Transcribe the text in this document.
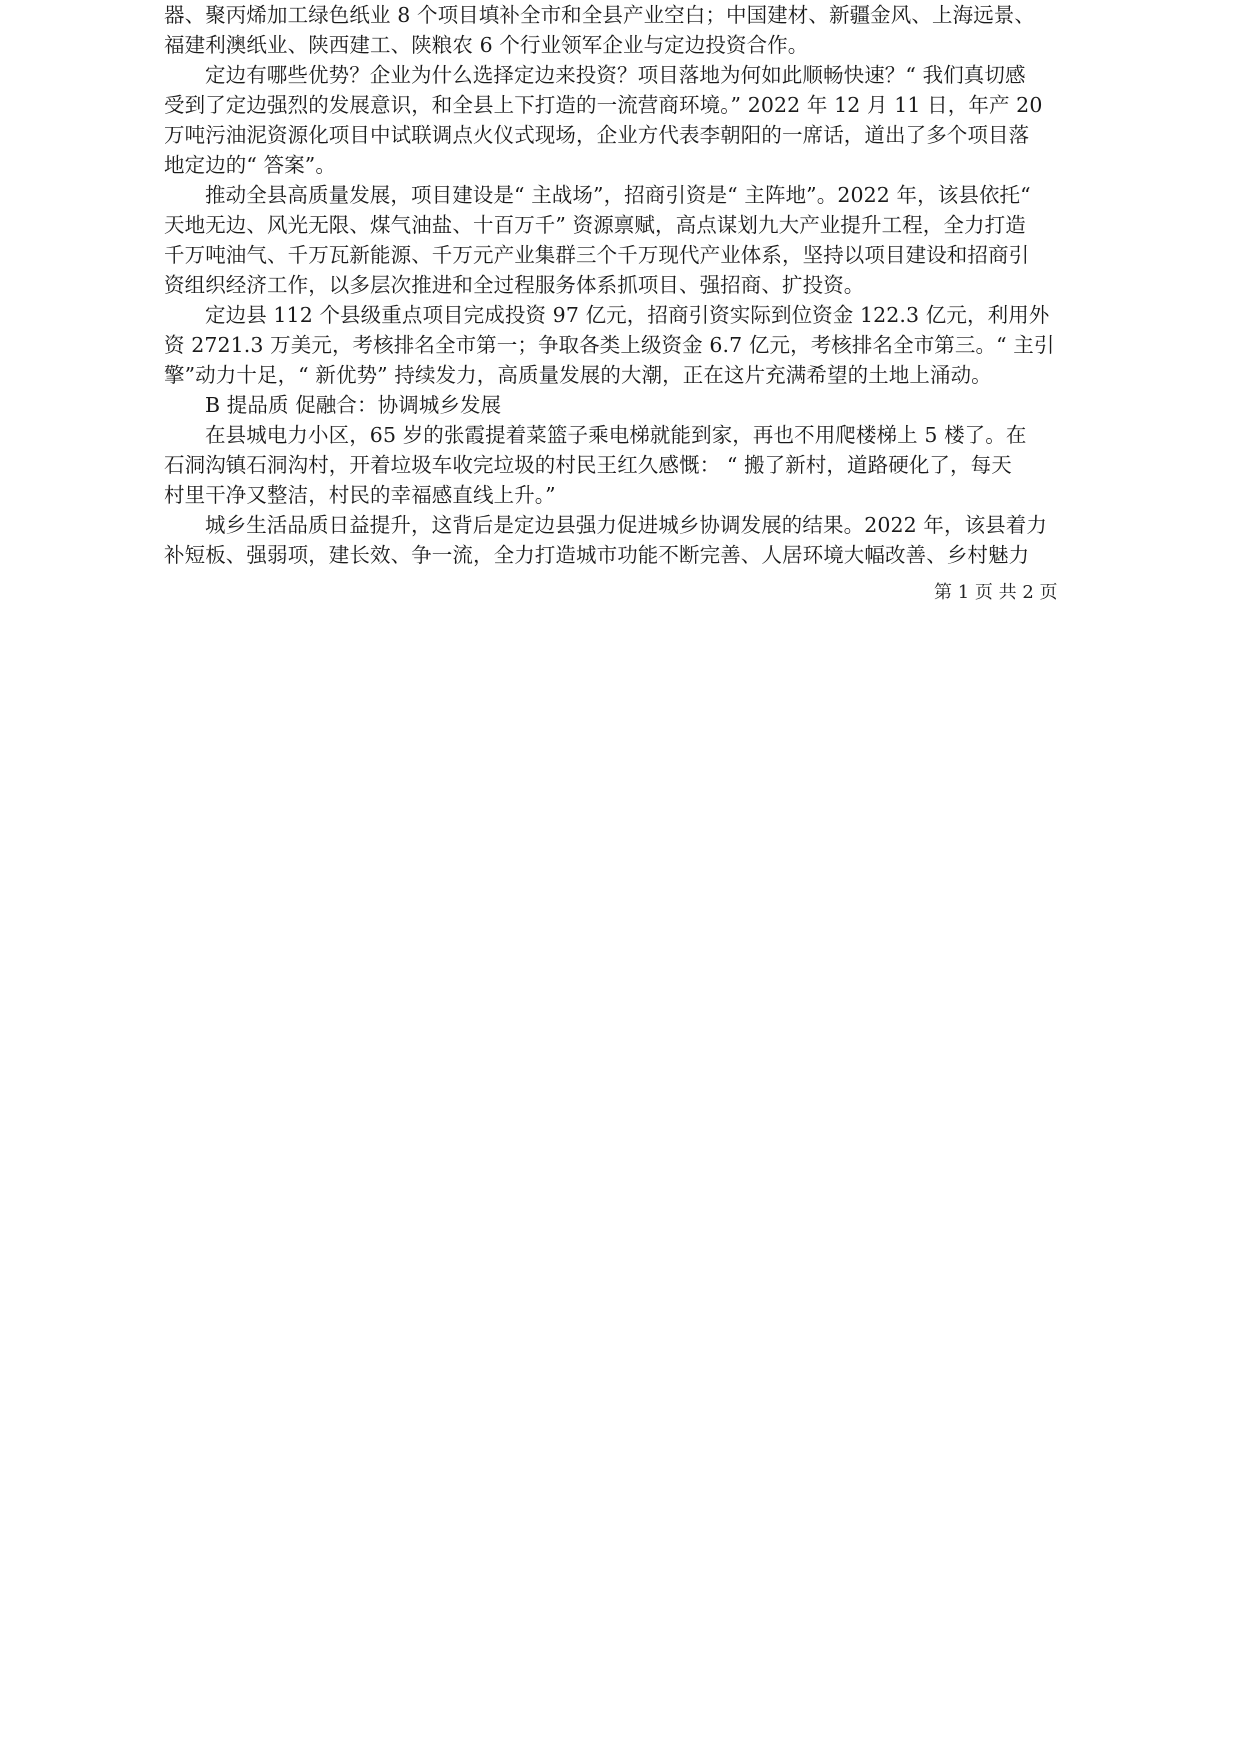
器、聚丙烯加工绿色纸业 8 个项目填补全市和全县产业空白；中国建材、新疆金风、上海远景、
福建利澳纸业、陕西建工、陕粮农 6 个行业领军企业与定边投资合作。
定边有哪些优势？企业为什么选择定边来投资？项目落地为何如此顺畅快速？“ 我们真切感
受到了定边强烈的发展意识，和全县上下打造的一流营商环境。” 2022 年 12 月 11 日，年产 20
万吨污油泥资源化项目中试联调点火仪式现场，企业方代表李朝阳的一席话，道出了多个项目落
地定边的“ 答案”。
推动全县高质量发展，项目建设是“ 主战场”，招商引资是“ 主阵地”。2022 年，该县依托“
天地无边、风光无限、煤气油盐、十百万千” 资源禀赋，高点谋划九大产业提升工程，全力打造
千万吨油气、千万瓦新能源、千万元产业集群三个千万现代产业体系，坚持以项目建设和招商引
资组织经济工作，以多层次推进和全过程服务体系抓项目、强招商、扩投资。
定边县 112 个县级重点项目完成投资 97 亿元，招商引资实际到位资金 122.3 亿元，利用外
资 2721.3 万美元，考核排名全市第一；争取各类上级资金 6.7 亿元，考核排名全市第三。“ 主引
擎”动力十足，“ 新优势” 持续发力，高质量发展的大潮，正在这片充满希望的土地上涌动。
B 提品质 促融合：协调城乡发展
在县城电力小区，65 岁的张霞提着菜篮子乘电梯就能到家，再也不用爬楼梯上 5 楼了。在
石洞沟镇石洞沟村，开着垃圾车收完垃圾的村民王红久感慨： “ 搬了新村，道路硬化了，每天
村里干净又整洁，村民的幸福感直线上升。”
城乡生活品质日益提升，这背后是定边县强力促进城乡协调发展的结果。2022 年，该县着力
补短板、强弱项，建长效、争一流，全力打造城市功能不断完善、人居环境大幅改善、乡村魅力
第 1 页 共 2 页
